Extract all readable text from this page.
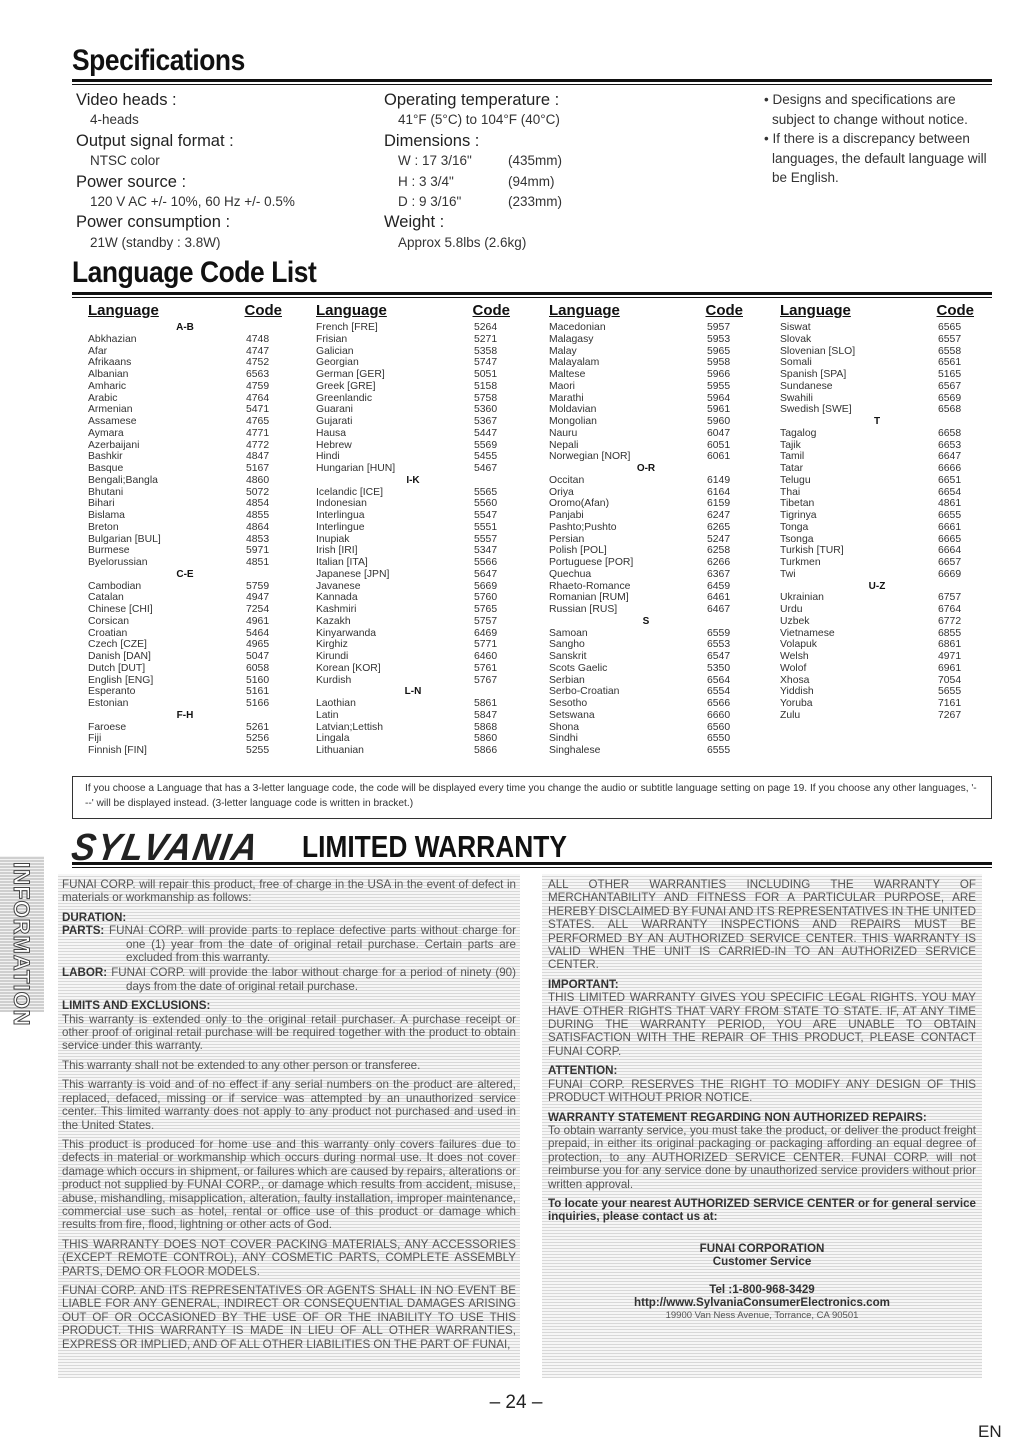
Specifications
Video heads :
4-heads
Output signal format :
NTSC color
Power source :
120 V AC +/- 10%, 60 Hz +/- 0.5%
Power consumption :
21W (standby : 3.8W)
Operating temperature :
41°F (5°C) to 104°F (40°C)
Dimensions :
W : 17 3/16"	(435mm)
H : 3 3/4"	(94mm)
D : 9 3/16"	(233mm)
Weight :
Approx 5.8lbs (2.6kg)
• Designs and specifications are subject to change without notice.
• If there is a discrepancy between languages, the default language will be English.
Language Code List
Language	Code Language	Code	Language	Code Language	Code
A-B
Abkhazian	4748
Afar	4747
Afrikaans	4752
Albanian	6563
Amharic	4759
Arabic	4764
Armenian	5471
Assamese	4765
Aymara	4771
Azerbaijani	4772
Bashkir	4847
Basque	5167
Bengali;Bangla	4860
Bhutani	5072
Bihari	4854
Bislama	4855
Breton	4864
Bulgarian [BUL]	4853
Burmese	5971
Byelorussian	4851
C-E
Cambodian	5759
Catalan	4947
Chinese [CHI]	7254
Corsican	4961
Croatian	5464
Czech [CZE]	4965
Danish [DAN]	5047
Dutch [DUT]	6058
English [ENG]	5160
Esperanto	5161
Estonian	5166
F-H
Faroese	5261
Fiji	5256
Finnish [FIN]	5255
French [FRE]	5264
Frisian	5271
Galician	5358
Georgian	5747
German [GER]	5051
Greek [GRE]	5158
Greenlandic	5758
Guarani	5360
Gujarati	5367
Hausa	5447
Hebrew	5569
Hindi	5455
Hungarian [HUN]	5467
I-K
Icelandic [ICE]	5565
Indonesian	5560
Interlingua	5547
Interlingue	5551
Inupiak	5557
Irish [IRI]	5347
Italian [ITA]	5566
Japanese [JPN]	5647
Javanese	5669
Kannada	5760
Kashmiri	5765
Kazakh	5757
Kinyarwanda	6469
Kirghiz	5771
Kirundi	6460
Korean [KOR]	5761
Kurdish	5767
L-N
Laothian	5861
Latin	5847
Latvian;Lettish	5868
Lingala	5860
Lithuanian	5866
Macedonian	5957
Malagasy	5953
Malay	5965
Malayalam	5958
Maltese	5966
Maori	5955
Marathi	5964
Moldavian	5961
Mongolian	5960
Nauru	6047
Nepali	6051
Norwegian [NOR]	6061
O-R
Occitan	6149
Oriya	6164
Oromo(Afan)	6159
Panjabi	6247
Pashto;Pushto	6265
Persian	5247
Polish [POL]	6258
Portuguese [POR]	6266
Quechua	6367
Rhaeto-Romance	6459
Romanian [RUM]	6461
Russian [RUS]	6467
S
Samoan	6559
Sangho	6553
Sanskrit	6547
Scots Gaelic	5350
Serbian	6564
Serbo-Croatian	6554
Sesotho	6566
Setswana	6660
Shona	6560
Sindhi	6550
Singhalese	6555
Siswat	6565
Slovak	6557
Slovenian [SLO]	6558
Somali	6561
Spanish [SPA]	5165
Sundanese	6567
Swahili	6569
Swedish [SWE]	6568
T
Tagalog	6658
Tajik	6653
Tamil	6647
Tatar	6666
Telugu	6651
Thai	6654
Tibetan	4861
Tigrinya	6655
Tonga	6661
Tsonga	6665
Turkish [TUR]	6664
Turkmen	6657
Twi	6669
U-Z
Ukrainian	6757
Urdu	6764
Uzbek	6772
Vietnamese	6855
Volapuk	6861
Welsh	4971
Wolof	6961
Xhosa	7054
Yiddish	5655
Yoruba	7161
Zulu	7267
If you choose a Language that has a 3-letter language code, the code will be displayed every time you change the audio or subtitle language setting on page 19. If you choose any other languages, '---' will be displayed instead. (3-letter language code is written in bracket.)
SYLVANIA LIMITED WARRANTY
INFORMATION FUNAI CORP. will repair this product, free of charge in the USA in the event of defect in materials or workmanship as follows:

DURATION:

PARTS: FUNAI CORP. will provide parts to replace defective parts without charge for one (1) year from the date of original retail purchase. Certain parts are excluded from this warranty.

LABOR: FUNAI CORP. will provide the labor without charge for a period of ninety (90) days from the date of original retail purchase.

LIMITS AND EXCLUSIONS:

This warranty is extended only to the original retail purchaser. A purchase receipt or other proof of original retail purchase will be required together with the product to obtain service under this warranty.

This warranty shall not be extended to any other person or transferee.

This warranty is void and of no effect if any serial numbers on the product are altered, replaced, defaced, missing or if service was attempted by an unauthorized service center. This limited warranty does not apply to any product not purchased and used in the United States.

This product is produced for home use and this warranty only covers failures due to defects in material or workmanship which occurs during normal use. It does not cover damage which occurs in shipment, or failures which are caused by repairs, alterations or product not supplied by FUNAI CORP., or damage which results from accident, misuse, abuse, mishandling, misapplication, alteration, faulty installation, improper maintenance, commercial use such as hotel, rental or office use of this product or damage which results from fire, flood, lightning or other acts of God.

THIS WARRANTY DOES NOT COVER PACKING MATERIALS, ANY ACCESSORIES (EXCEPT REMOTE CONTROL), ANY COSMETIC PARTS, COMPLETE ASSEMBLY PARTS, DEMO OR FLOOR MODELS.

FUNAI CORP. AND ITS REPRESENTATIVES OR AGENTS SHALL IN NO EVENT BE LIABLE FOR ANY GENERAL, INDIRECT OR CONSEQUENTIAL DAMAGES ARISING OUT OF OR OCCASIONED BY THE USE OF OR THE INABILITY TO USE THIS PRODUCT. THIS WARRANTY IS MADE IN LIEU OF ALL OTHER WARRANTIES, EXPRESS OR IMPLIED, AND OF ALL OTHER LIABILITIES ON THE PART OF FUNAI,

ALL OTHER WARRANTIES INCLUDING THE WARRANTY OF MERCHANTABILITY AND FITNESS FOR A PARTICULAR PURPOSE, ARE HEREBY DISCLAIMED BY FUNAI AND ITS REPRESENTATIVES IN THE UNITED STATES. ALL WARRANTY INSPECTIONS AND REPAIRS MUST BE PERFORMED BY AN AUTHORIZED SERVICE CENTER. THIS WARRANTY IS VALID WHEN THE UNIT IS CARRIED-IN TO AN AUTHORIZED SERVICE CENTER.

IMPORTANT:

THIS LIMITED WARRANTY GIVES YOU SPECIFIC LEGAL RIGHTS. YOU MAY HAVE OTHER RIGHTS THAT VARY FROM STATE TO STATE. IF, AT ANY TIME DURING THE WARRANTY PERIOD, YOU ARE UNABLE TO OBTAIN SATISFACTION WITH THE REPAIR OF THIS PRODUCT, PLEASE CONTACT FUNAI CORP.

ATTENTION:

FUNAI CORP. RESERVES THE RIGHT TO MODIFY ANY DESIGN OF THIS PRODUCT WITHOUT PRIOR NOTICE.

WARRANTY STATEMENT REGARDING NON AUTHORIZED REPAIRS:

To obtain warranty service, you must take the product, or deliver the product freight prepaid, in either its original packaging or packaging affording an equal degree of protection, to any AUTHORIZED SERVICE CENTER. FUNAI CORP. will not reimburse you for any service done by unauthorized service providers without prior written approval.

To locate your nearest AUTHORIZED SERVICE CENTER or for general service inquiries, please contact us at:

FUNAI CORPORATION

Customer Service

Tel :1-800-968-3429

http://www.SylvaniaConsumerElectronics.com

19900 Van Ness Avenue, Torrance, CA 90501

– 24 –
EN
